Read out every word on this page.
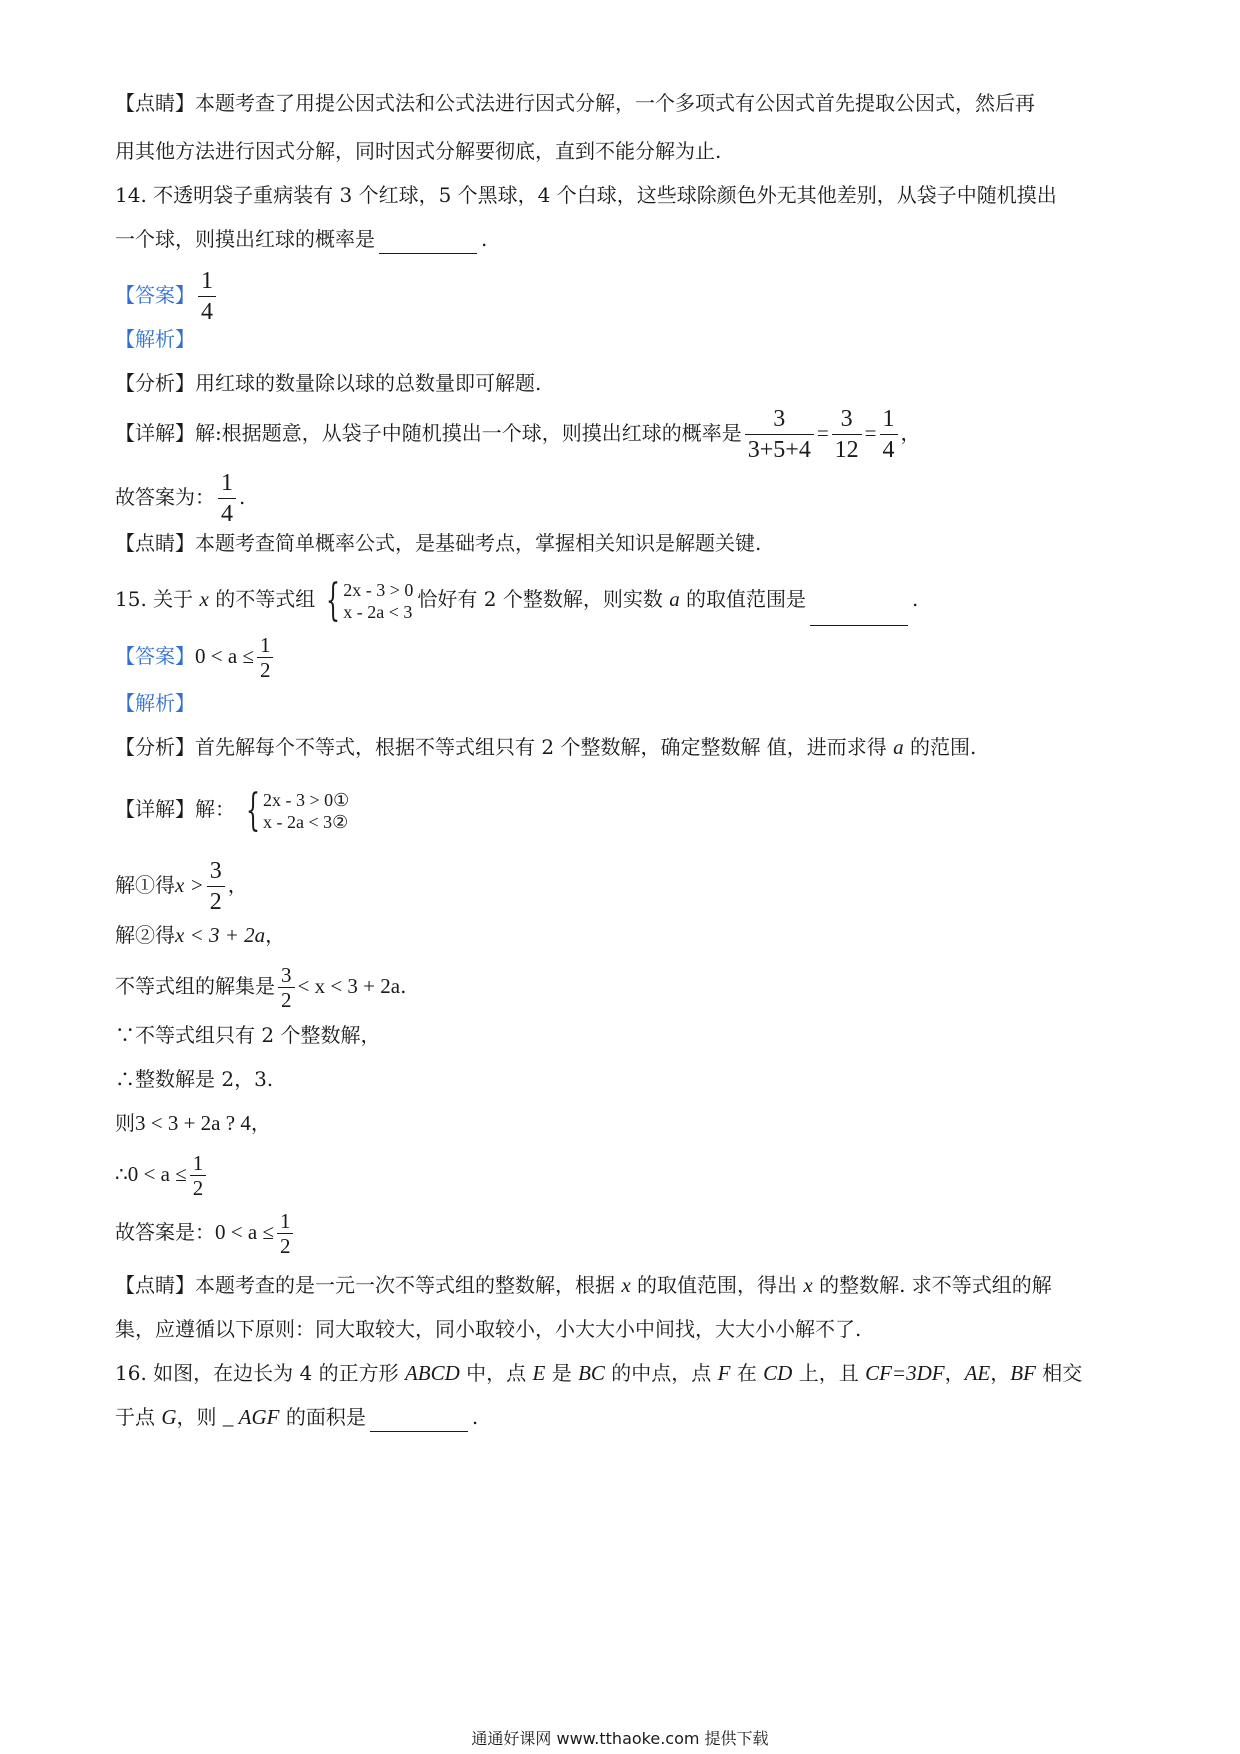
【点睛】本题考查了用提公因式法和公式法进行因式分解，一个多项式有公因式首先提取公因式，然后再
用其他方法进行因式分解，同时因式分解要彻底，直到不能分解为止.
14. 不透明袋子重病装有 3 个红球，5 个黑球，4 个白球，这些球除颜色外无其他差别，从袋子中随机摸出
一个球，则摸出红球的概率是	.
【答案】 $\frac{1}{4}$
【解析】
【分析】用红球的数量除以球的总数量即可解题.
【详解】解:根据题意，从袋子中随机摸出一个球，则摸出红球的概率是 $\frac{3}{3+5+4} = \frac{3}{12} = \frac{1}{4}$ ，
故答案为： $\frac{1}{4}$ .
【点睛】本题考查简单概率公式，是基础考点，掌握相关知识是解题关键.
15. 关于 x 的不等式组 { 2x - 3 > 0
x - 2a < 3
恰好有 2 个整数解，则实数 a 的取值范围是	.
【答案】$0 < a \le \frac{1}{2}$
【解析】
【分析】首先解每个不等式，根据不等式组只有 2 个整数解，确定整数解 值，进而求得 a 的范围.
【详解】解： { 2x - 3 > 0①
x - 2a < 3②
解①得$x > \frac{3}{2}$ ，
解②得x < 3 + 2a，
不等式组的解集是 $\frac{3}{2} < x < 3 + 2a$.
∵不等式组只有 2 个整数解，
∴整数解是 2，3.
则3 < 3 + 2a ? 4，
∴0 < $a \le \frac{1}{2}$
故答案是：$0 < a \le \frac{1}{2}$
【点睛】本题考查的是一元一次不等式组的整数解，根据 x 的取值范围，得出 x 的整数解. 求不等式组的解
集，应遵循以下原则：同大取较大，同小取较小，小大大小中间找，大大小小解不了.
16. 如图，在边长为 4 的正方形 ABCD 中，点 E 是 BC 的中点，点 F 在 CD 上，且 CF=3DF，AE，BF 相交
于点 G，则 _ AGF 的面积是	.
通通好课网 www.tthaoke.com 提供下载
